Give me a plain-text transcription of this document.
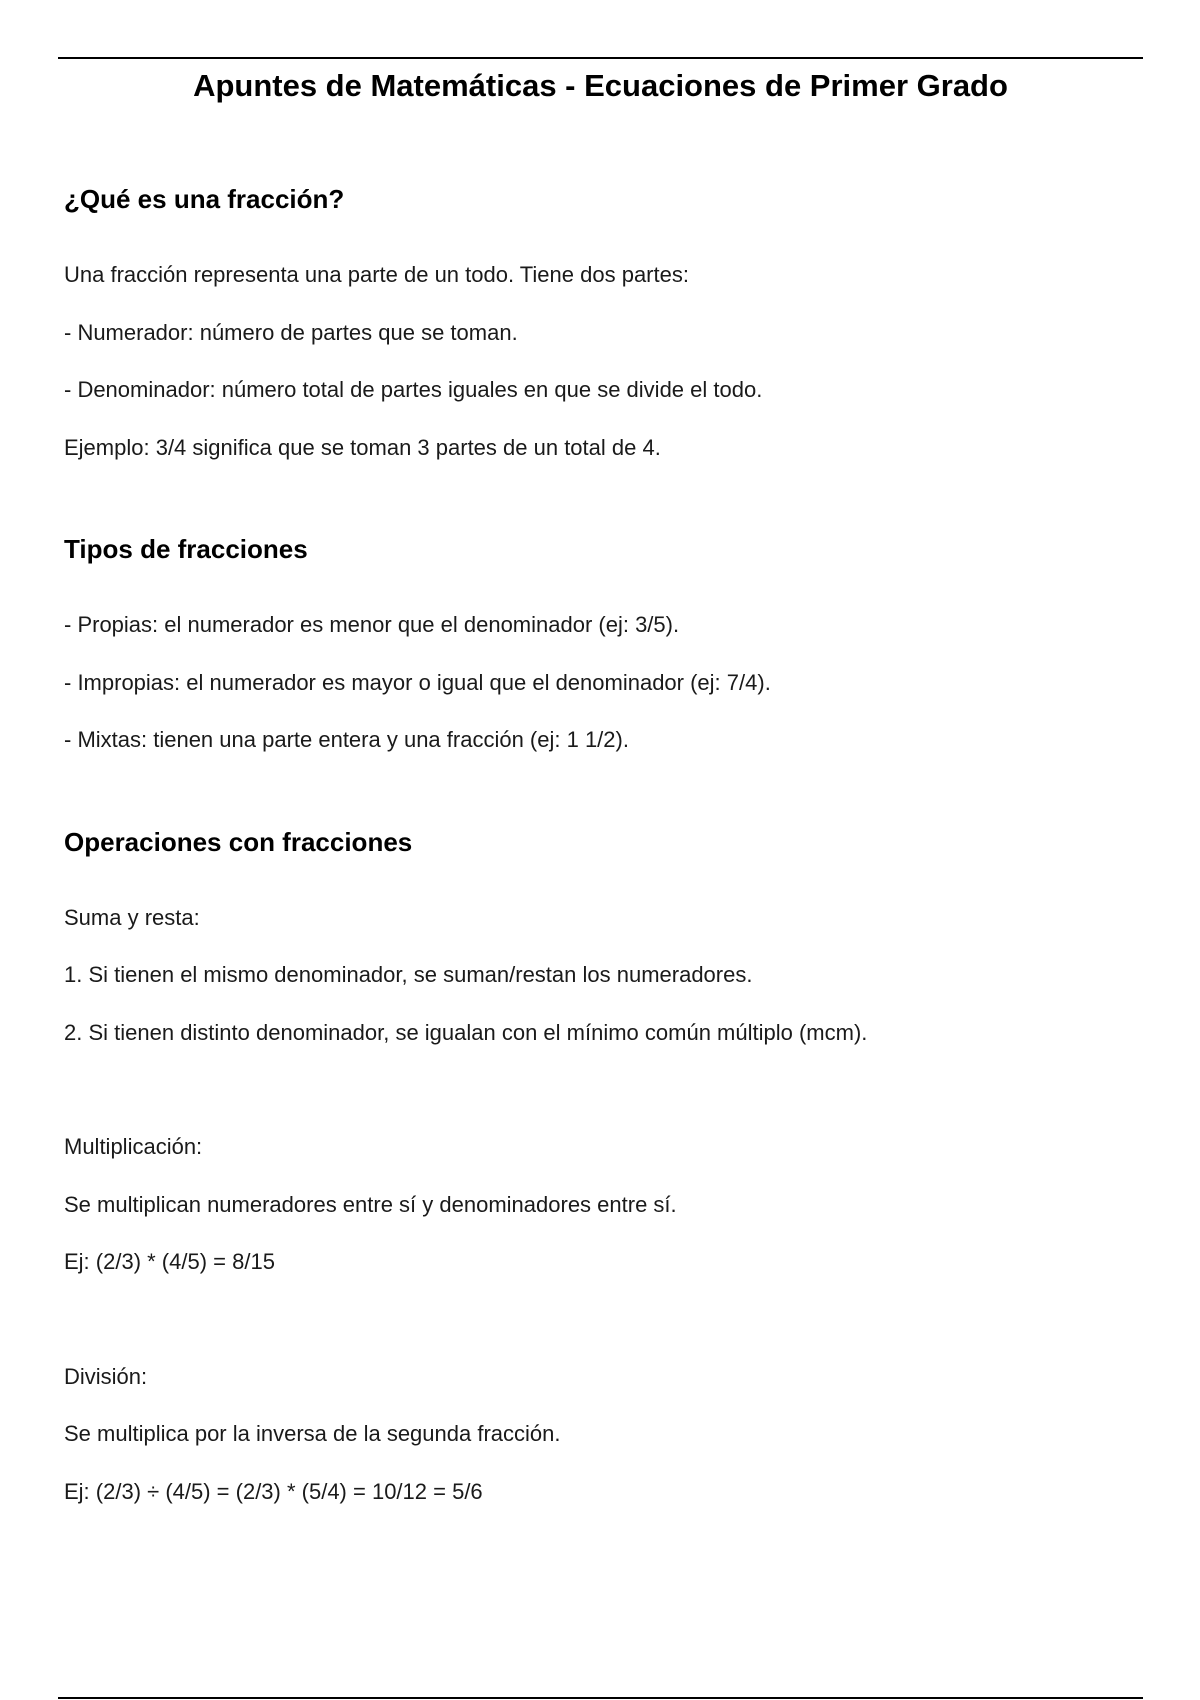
Apuntes de Matemáticas - Ecuaciones de Primer Grado
¿Qué es una fracción?

Una fracción representa una parte de un todo. Tiene dos partes:

- Numerador: número de partes que se toman.

- Denominador: número total de partes iguales en que se divide el todo.

Ejemplo: 3/4 significa que se toman 3 partes de un total de 4.

Tipos de fracciones

- Propias: el numerador es menor que el denominador (ej: 3/5).

- Impropias: el numerador es mayor o igual que el denominador (ej: 7/4).

- Mixtas: tienen una parte entera y una fracción (ej: 1 1/2).

Operaciones con fracciones

Suma y resta:

1. Si tienen el mismo denominador, se suman/restan los numeradores.

2. Si tienen distinto denominador, se igualan con el mínimo común múltiplo (mcm).

Multiplicación:

Se multiplican numeradores entre sí y denominadores entre sí.

Ej: (2/3) * (4/5) = 8/15

División:

Se multiplica por la inversa de la segunda fracción.

Ej: (2/3) ÷ (4/5) = (2/3) * (5/4) = 10/12 = 5/6
